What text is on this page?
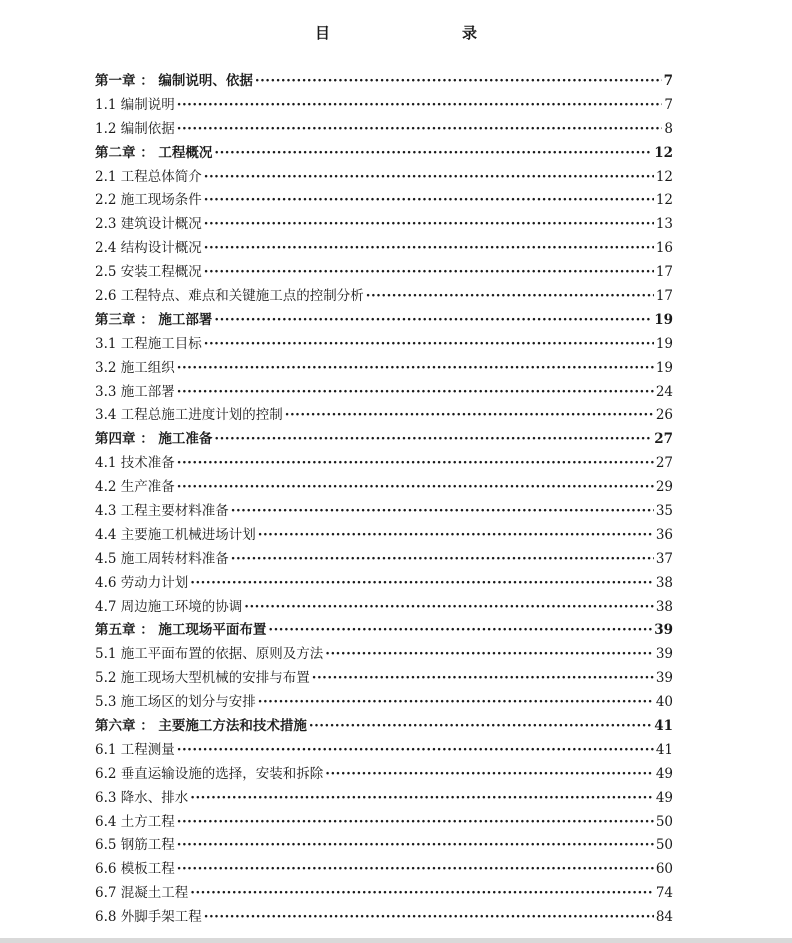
目　　录
第一章 ： 编制说明、依据 ·····	7
1.1 编制说明 ·····	7
1.2 编制依据 ·····	8
第二章 ： 工程概况 ·····	12
2.1 工程总体简介 ·····	12
2.2 施工现场条件 ·····	12
2.3 建筑设计概况 ·····	13
2.4 结构设计概况 ·····	16
2.5 安装工程概况 ·····	17
2.6 工程特点、难点和关键施工点的控制分析 ·····	17
第三章 ： 施工部署 ·····	19
3.1 工程施工目标 ·····	19
3.2 施工组织 ·····	19
3.3 施工部署 ·····	24
3.4 工程总施工进度计划的控制 ·····	26
第四章 ： 施工准备 ·····	27
4.1 技术准备 ·····	27
4.2 生产准备 ·····	29
4.3 工程主要材料准备 ·····	35
4.4 主要施工机械进场计划 ·····	36
4.5 施工周转材料准备 ·····	37
4.6 劳动力计划 ·····	38
4.7 周边施工环境的协调 ·····	38
第五章 ： 施工现场平面布置 ·····	39
5.1 施工平面布置的依据、原则及方法 ·····	39
5.2 施工现场大型机械的安排与布置 ·····	39
5.3 施工场区的划分与安排 ·····	40
第六章 ： 主要施工方法和技术措施 ·····	41
6.1 工程测量 ·····	41
6.2 垂直运输设施的选择，安装和拆除 ·····	49
6.3 降水、排水 ·····	49
6.4 土方工程 ·····	50
6.5 钢筋工程 ·····	50
6.6 模板工程 ·····	60
6.7 混凝土工程 ·····	74
6.8 外脚手架工程 ·····	84
